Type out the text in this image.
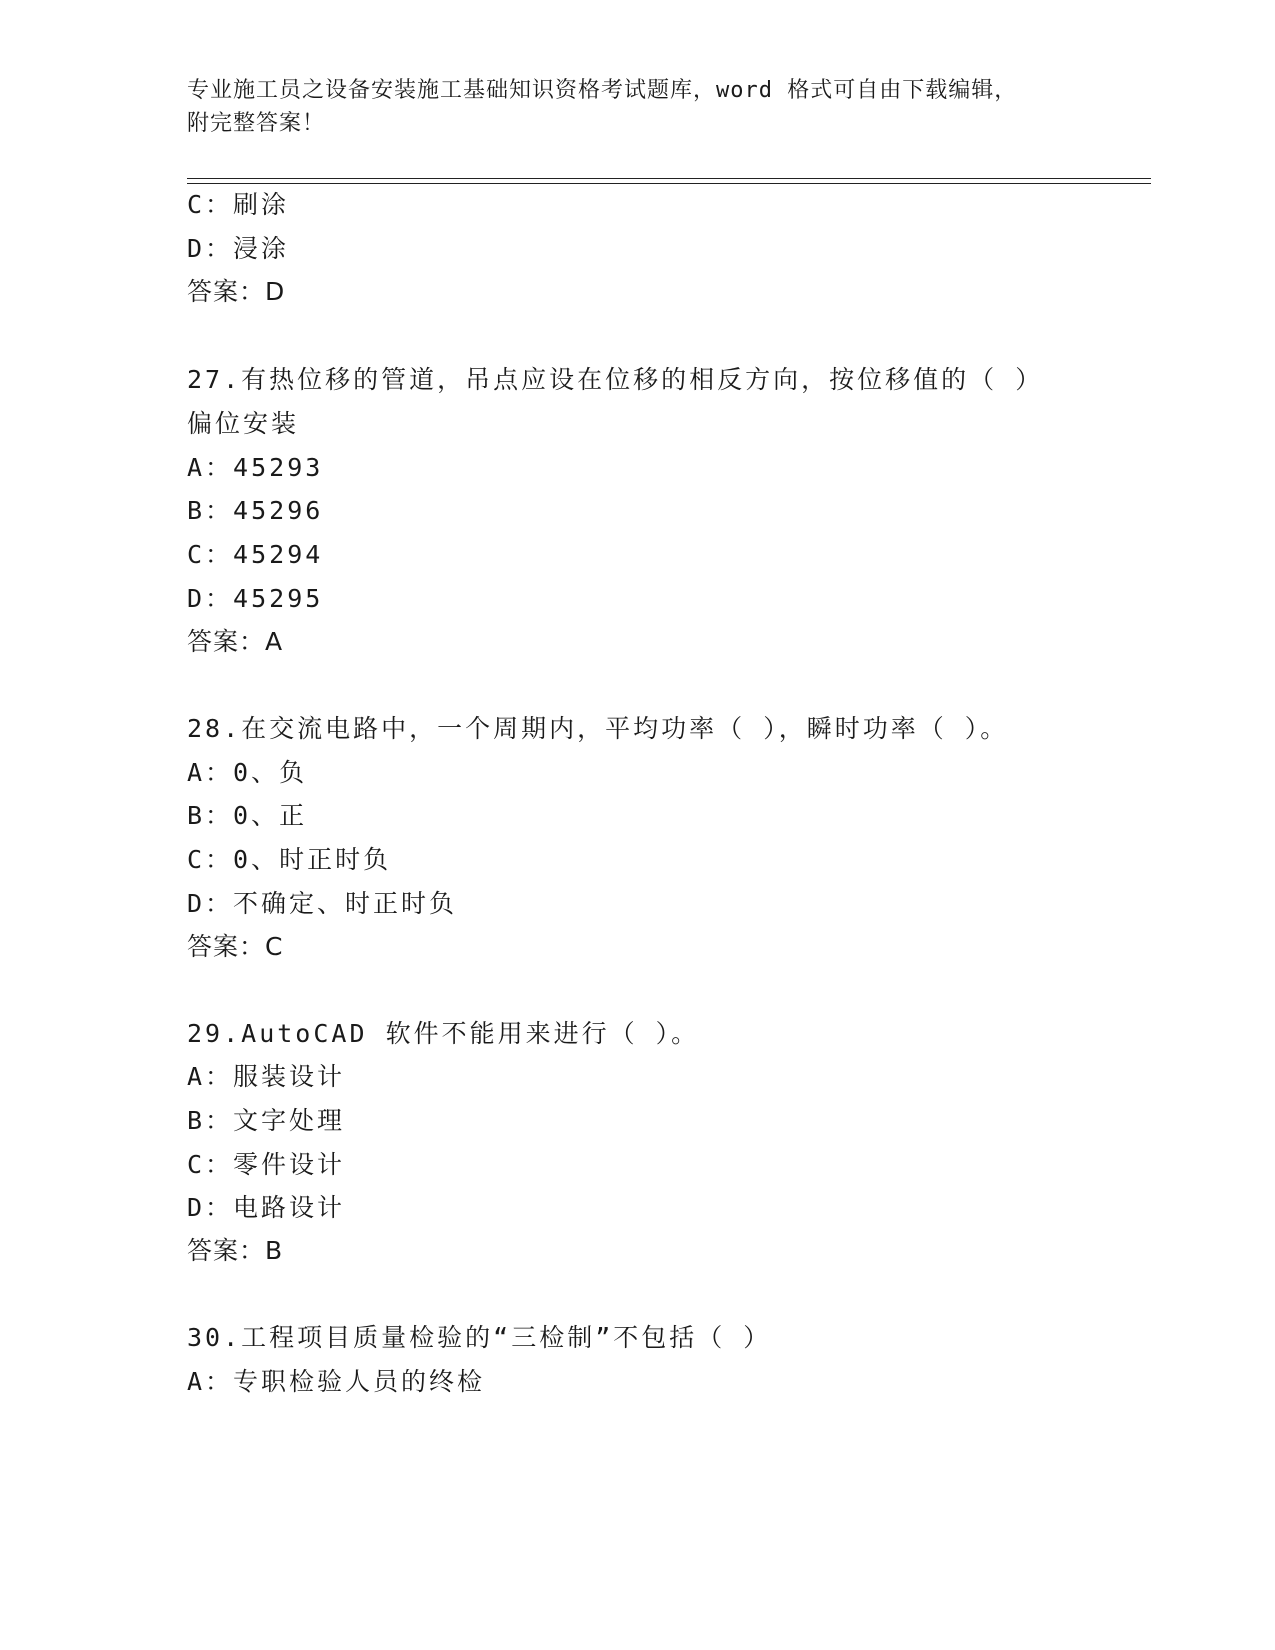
专业施工员之设备安装施工基础知识资格考试题库，word 格式可自由下载编辑，
附完整答案！
C：刷涂
D：浸涂
答案：D
27.有热位移的管道，吊点应设在位移的相反方向，按位移值的（ ）
偏位安装
A：45293
B：45296
C：45294
D：45295
答案：A
28.在交流电路中，一个周期内，平均功率（ ），瞬时功率（ ）。
A：0、负
B：0、正
C：0、时正时负
D：不确定、时正时负
答案：C
29.AutoCAD 软件不能用来进行（ ）。
A：服装设计
B：文字处理
C：零件设计
D：电路设计
答案：B
30.工程项目质量检验的“三检制”不包括（ ）
A：专职检验人员的终检
